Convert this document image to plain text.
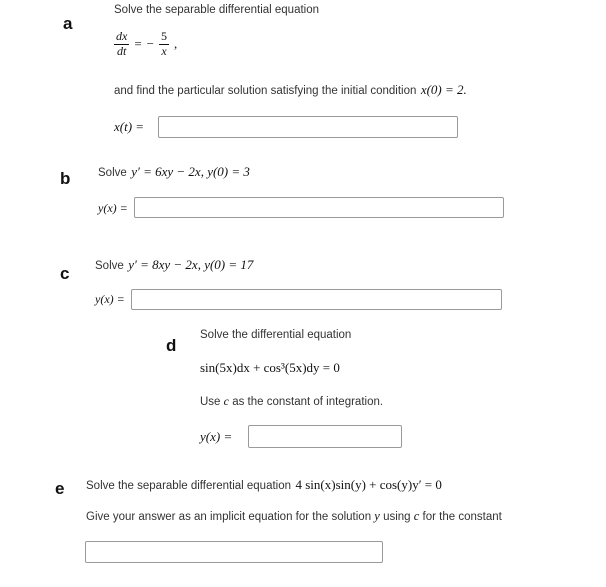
a
Solve the separable differential equation
$\frac{dx}{dt}$ = − $\frac{5}{x}$ ,
and find the particular solution satisfying the initial condition x(0) = 2.
x(t) =
b Solve y′ = 6xy − 2x, y(0) = 3
y(x) =
c Solve y′ = 8xy − 2x, y(0) = 17
y(x) =
d
Solve the differential equation
sin(5x)dx + cos³(5x)dy = 0
Use c as the constant of integration.
y(x) =
e Solve the separable differential equation 4 sin(x)sin(y) + cos(y)y′ = 0
Give your answer as an implicit equation for the solution y using c for the constant
